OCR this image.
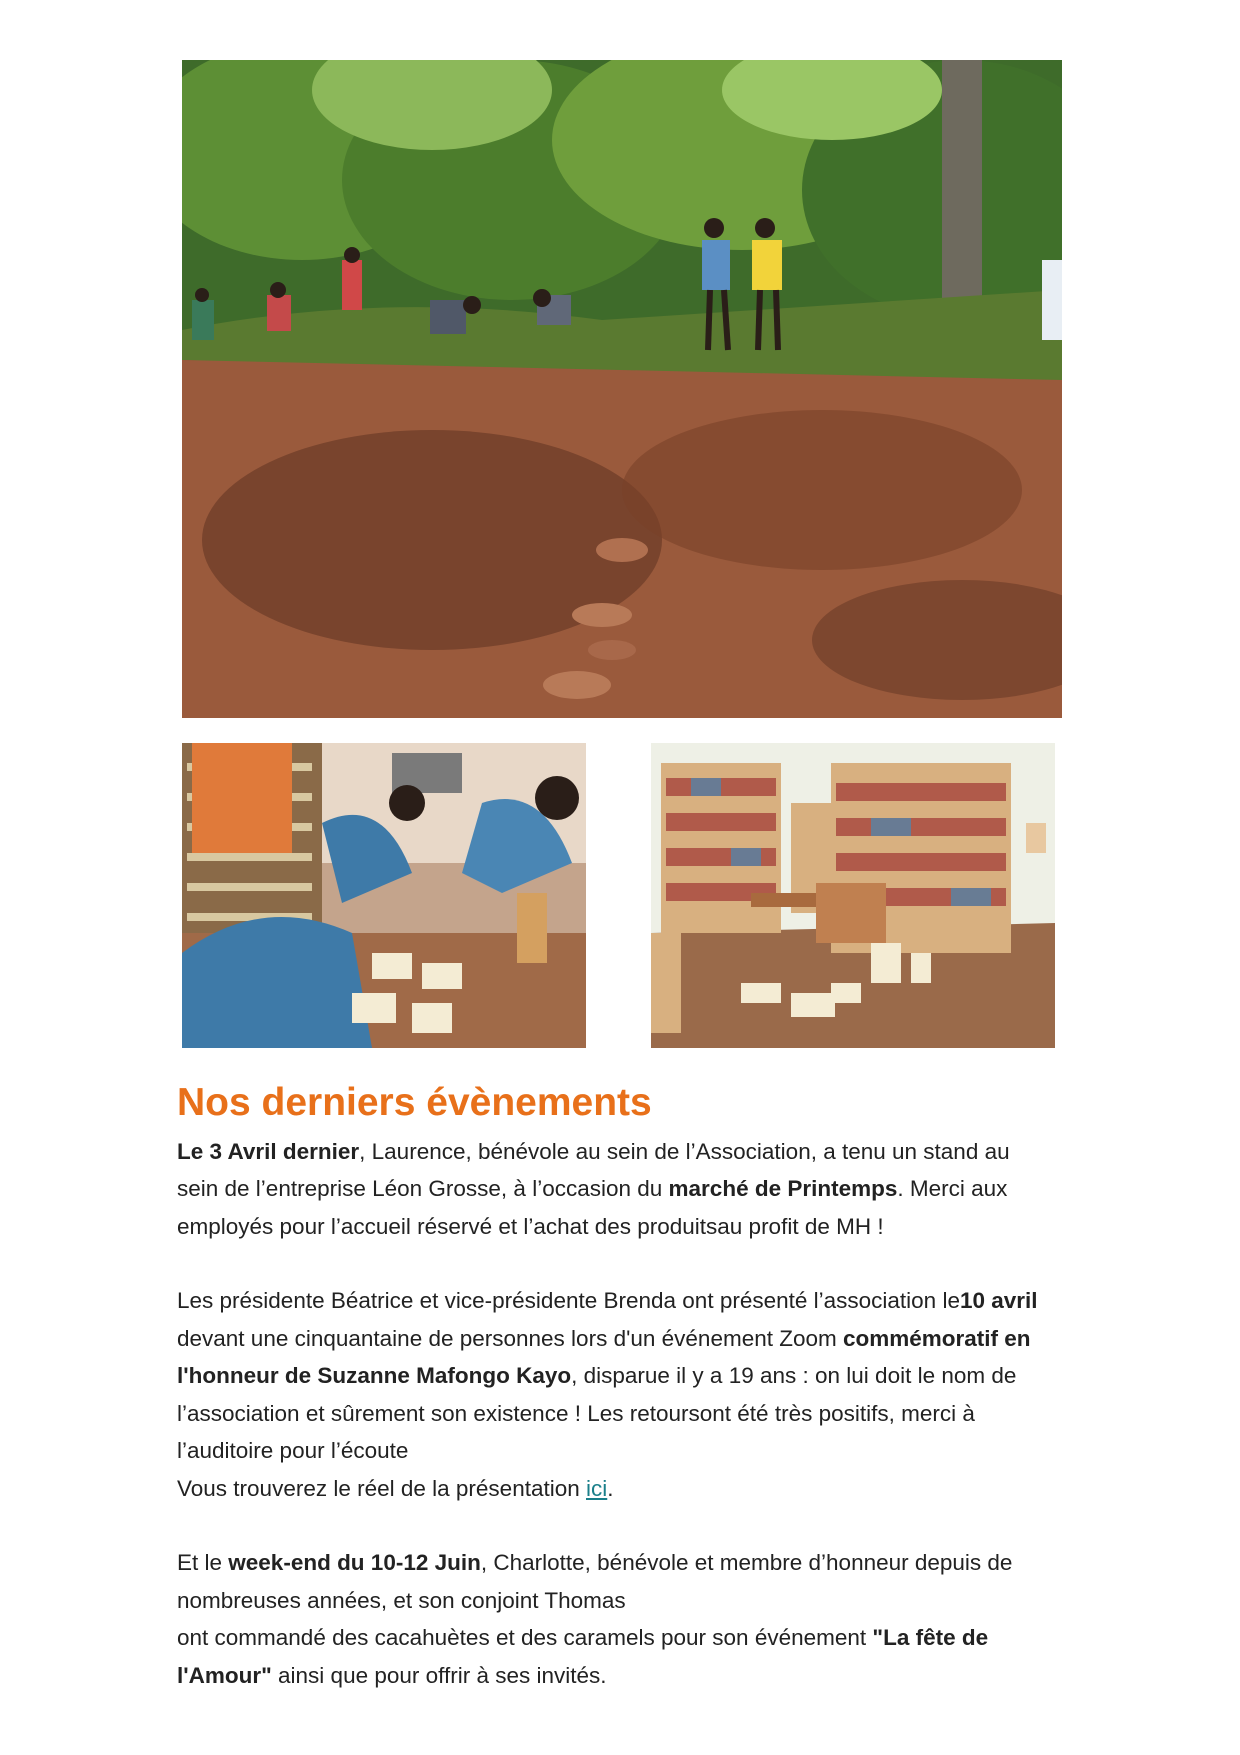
Nos derniers évènements

Le 3 Avril dernier, Laurence, bénévole au sein de l’Association, a tenu un stand au sein de l’entreprise Léon Grosse, à l’occasion du marché de Printemps. Merci aux employés pour l’accueil réservé et l’achat des produitsau profit de MH !

Les présidente Béatrice et vice-présidente Brenda ont présenté l’association le10 avril devant une cinquantaine de personnes lors d'un événement Zoom commémoratif en l'honneur de Suzanne Mafongo Kayo, disparue il y a 19 ans : on lui doit le nom de l’association et sûrement son existence ! Les retoursont été très positifs, merci à l’auditoire pour l’écoute
Vous trouverez le réel de la présentation ici.

Et le week-end du 10-12 Juin, Charlotte, bénévole et membre d’honneur depuis de nombreuses années, et son conjoint Thomas
ont commandé des cacahuètes et des caramels pour son événement "La fête de l'Amour" ainsi que pour offrir à ses invités.
